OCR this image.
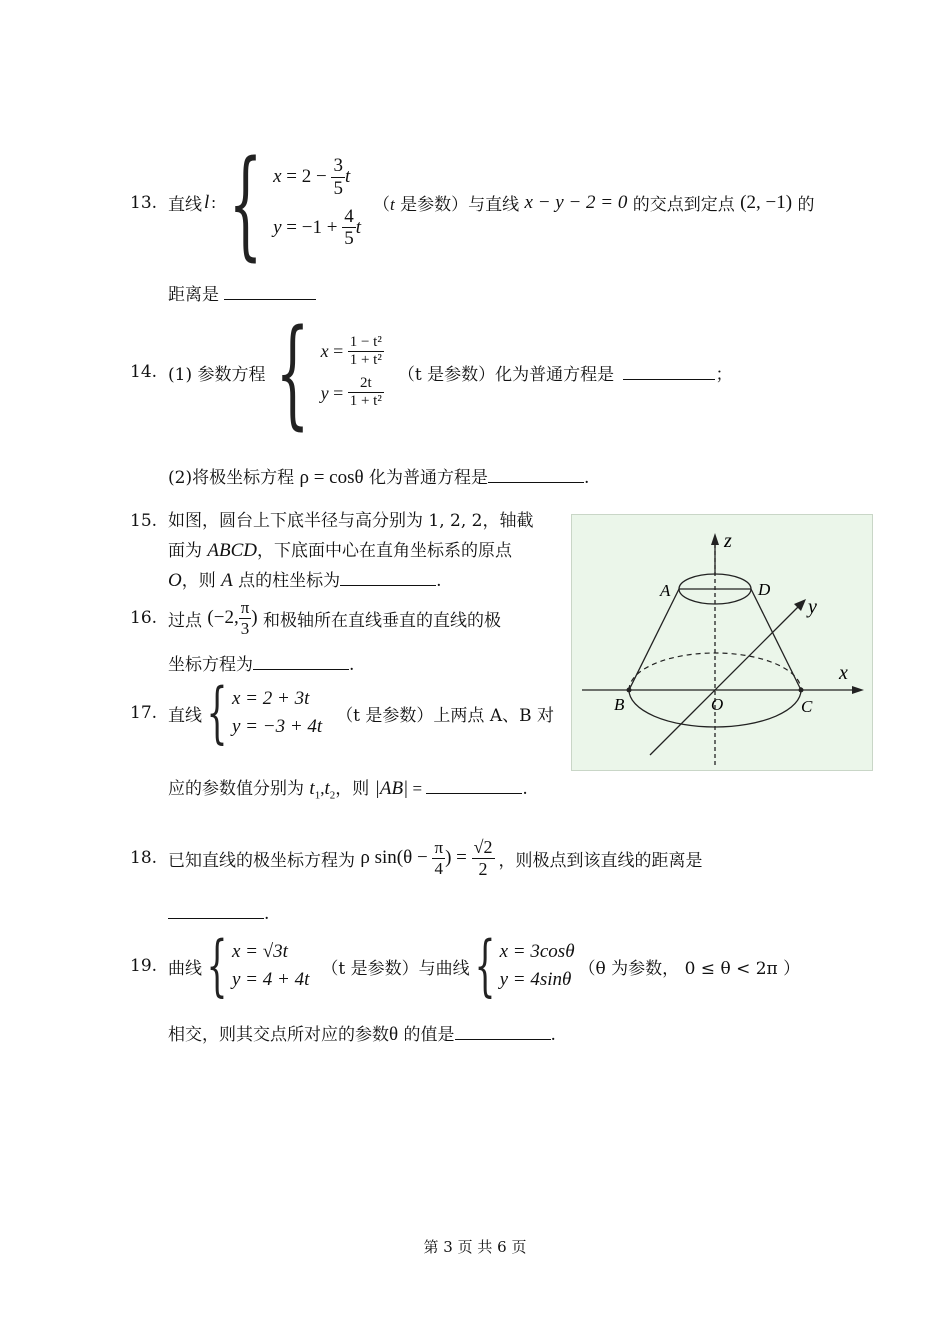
13. 直线 l : { $x = 2 - \frac{3}{5}$ t
$y = -1 + \frac{4}{5}$ t
（t 是参数）与直线 x − y − 2 = 0 的交点到定点 (2, −1) 的
距离是
14. (1) 参数方程 { $x = \frac{\text{1 − t²}}{\text{1 + t²}}$
$y = \frac{2t}{\text{1 + t²}}$
（t 是参数）化为普通方程是	；
(2)将极坐标方程 ρ = cosθ 化为普通方程是	.
15. 如图，圆台上下底半径与高分别为 1, 2, 2，轴截
面为 ABCD，下底面中心在直角坐标系的原点
O，则 A 点的柱坐标为	.
16. 过点 (−2, $\frac{\pi}{3}$ ) 和极轴所在直线垂直的直线的极
坐标方程为	.
17. 直线 { x = 2 + 3t
y = −3 + 4t
（t 是参数）上两点 A、B 对
应的参数值分别为 $t_1,t_2$，则 |AB| =	.
18. 已知直线的极坐标方程为 ρ $\sin(\theta - \frac{\pi}{4}$ ) = $\frac{√2}{2}$ ，则极点到该直线的距离是
.
19. 曲线 { x = √3t
y = 4 + 4t
（t 是参数）与曲线 { x = 3cosθ
y = 4sinθ
（θ 为参数， 0 ≤ θ < 2π ）
相交，则其交点所对应的参数θ 的值是	.
z
y
x
A	D
B	O	C
第 3 页 共 6 页
